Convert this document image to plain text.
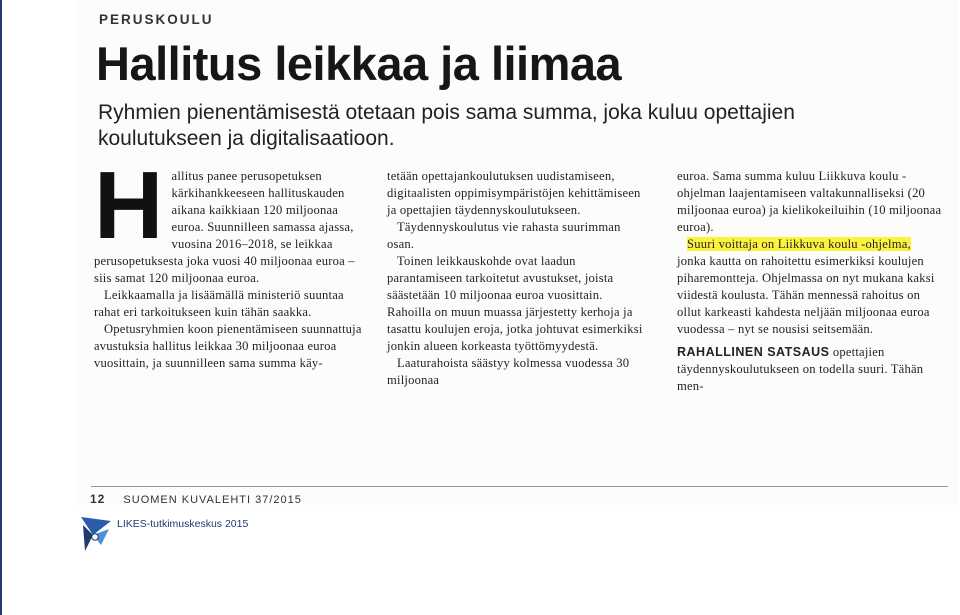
PERUSKOULU
Hallitus leikkaa ja liimaa
Ryhmien pienentämisestä otetaan pois sama summa, joka kuluu opettajien koulutukseen ja digitalisaatioon.

Hallitus panee perusopetuksen kärkihankkeeseen hallituskauden aikana kaikkiaan 120 miljoonaa euroa. Suunnilleen samassa ajassa, vuosina 2016–2018, se leikkaa perusopetuksesta joka vuosi 40 miljoonaa euroa – siis samat 120 miljoonaa euroa.

Leikkaamalla ja lisäämällä ministeriö suuntaa rahat eri tarkoitukseen kuin tähän saakka.

Opetusryhmien koon pienentämiseen suunnattuja avustuksia hallitus leikkaa 30 miljoonaa euroa vuosittain, ja suunnilleen sama summa käy-

tetään opettajankoulutuksen uudistamiseen, digitaalisten oppimisympäristöjen kehittämiseen ja opettajien täydennyskoulutukseen.

Täydennyskoulutus vie rahasta suurimman osan.

Toinen leikkauskohde ovat laadun parantamiseen tarkoitetut avustukset, joista säästetään 10 miljoonaa euroa vuosittain. Rahoilla on muun muassa järjestetty kerhoja ja tasattu koulujen eroja, jotka johtuvat esimerkiksi jonkin alueen korkeasta työttömyydestä.

Laaturahoista säästyy kolmessa vuodessa 30 miljoonaa

euroa. Sama summa kuluu Liikkuva koulu -ohjelman laajentamiseen valtakunnalliseksi (20 miljoonaa euroa) ja kielikokeiluihin (10 miljoonaa euroa).

Suuri voittaja on Liikkuva koulu -ohjelma, jonka kautta on rahoitettu esimerkiksi koulujen piharemontteja. Ohjelmassa on nyt mukana kaksi viidestä koulusta. Tähän mennessä rahoitus on ollut karkeasti kahdesta neljään miljoonaa euroa vuodessa – nyt se nousisi seitsemään.

RAHALLINEN SATSAUS opettajien täydennyskoulutukseen on todella suuri. Tähän men-

12 SUOMEN KUVALEHTI 37/2015
LIKES-tutkimuskeskus 2015
